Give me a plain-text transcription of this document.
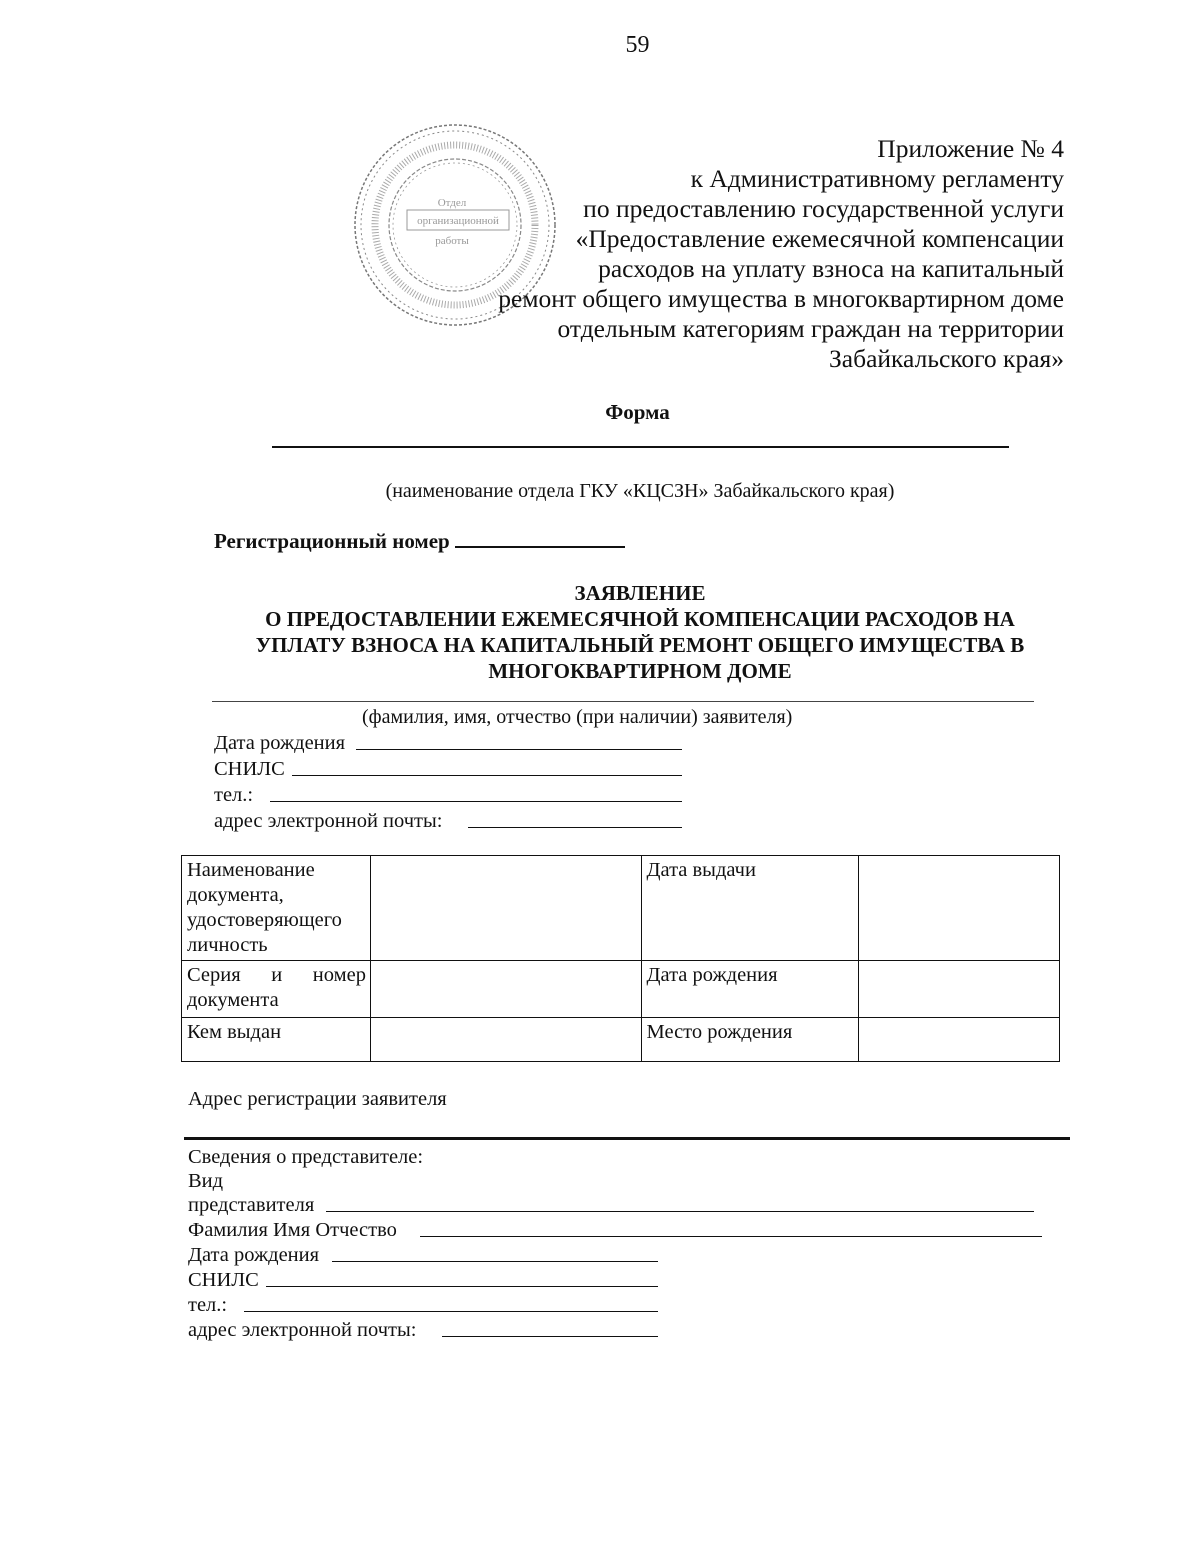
59
Отдел
организационной
работы
Приложение № 4
к Административному регламенту
по предоставлению государственной услуги
«Предоставление ежемесячной компенсации
расходов на уплату взноса на капитальный
ремонт общего имущества в многоквартирном доме
отдельным категориям граждан на территории
Забайкальского края»
Форма
(наименование отдела ГКУ «КЦСЗН» Забайкальского края)
Регистрационный номер
ЗАЯВЛЕНИЕ
О ПРЕДОСТАВЛЕНИИ ЕЖЕМЕСЯЧНОЙ КОМПЕНСАЦИИ РАСХОДОВ НА
УПЛАТУ ВЗНОСА НА КАПИТАЛЬНЫЙ РЕМОНТ ОБЩЕГО ИМУЩЕСТВА В
МНОГОКВАРТИРНОМ ДОМЕ
(фамилия, имя, отчество (при наличии) заявителя)
Дата рождения
СНИЛС
тел.:
адрес электронной почты:
Наименование документа, удостоверяющего личность		Дата выдачи	
Серия и номер документа		Дата рождения	
Кем выдан		Место рождения	
Адрес регистрации заявителя
Сведения о представителе:
Вид
представителя
Фамилия Имя Отчество
Дата рождения
СНИЛС
тел.:
адрес электронной почты:
